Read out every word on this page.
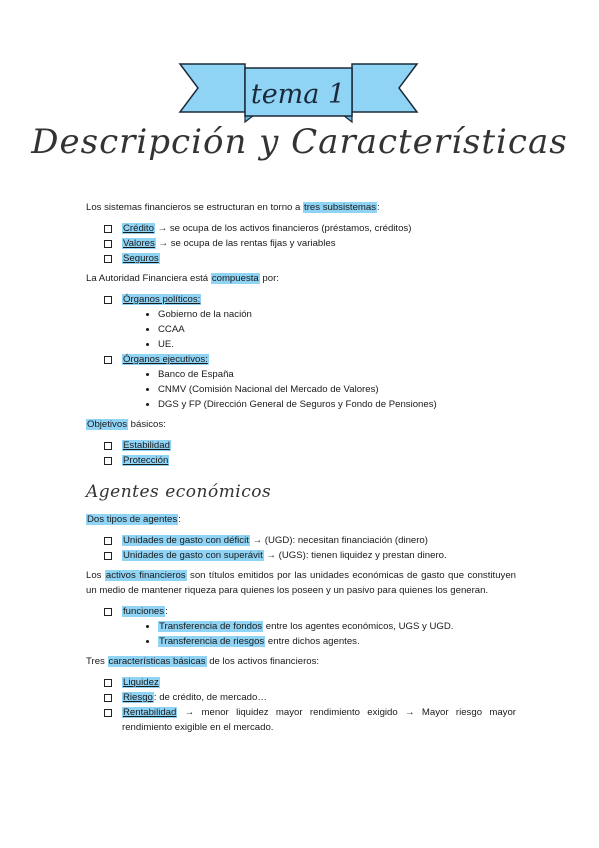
tema 1
Descripción y Características

Los sistemas financieros se estructuran en torno a tres subsistemas:

Crédito → se ocupa de los activos financieros (préstamos, créditos)
Valores → se ocupa de las rentas fijas y variables
Seguros

La Autoridad Financiera está compuesta por:

Órganos políticos:
• Gobierno de la nación
• CCAA
• UE.
Órganos ejecutivos:
• Banco de España
• CNMV (Comisión Nacional del Mercado de Valores)
• DGS y FP (Dirección General de Seguros y Fondo de Pensiones)

Objetivos básicos:

Estabilidad
Protección
Agentes económicos

Dos tipos de agentes:

Unidades de gasto con déficit → (UGD): necesitan financiación (dinero)
Unidades de gasto con superávit → (UGS): tienen liquidez y prestan dinero.

Los activos financieros son títulos emitidos por las unidades económicas de gasto que constituyen un medio de mantener riqueza para quienes los poseen y un pasivo para quienes los generan.

funciones:
• Transferencia de fondos entre los agentes económicos, UGS y UGD.
• Transferencia de riesgos entre dichos agentes.

Tres características básicas de los activos financieros:

Liquidez
Riesgo: de crédito, de mercado…
Rentabilidad → menor liquidez mayor rendimiento exigido → Mayor riesgo mayor rendimiento exigible en el mercado.
